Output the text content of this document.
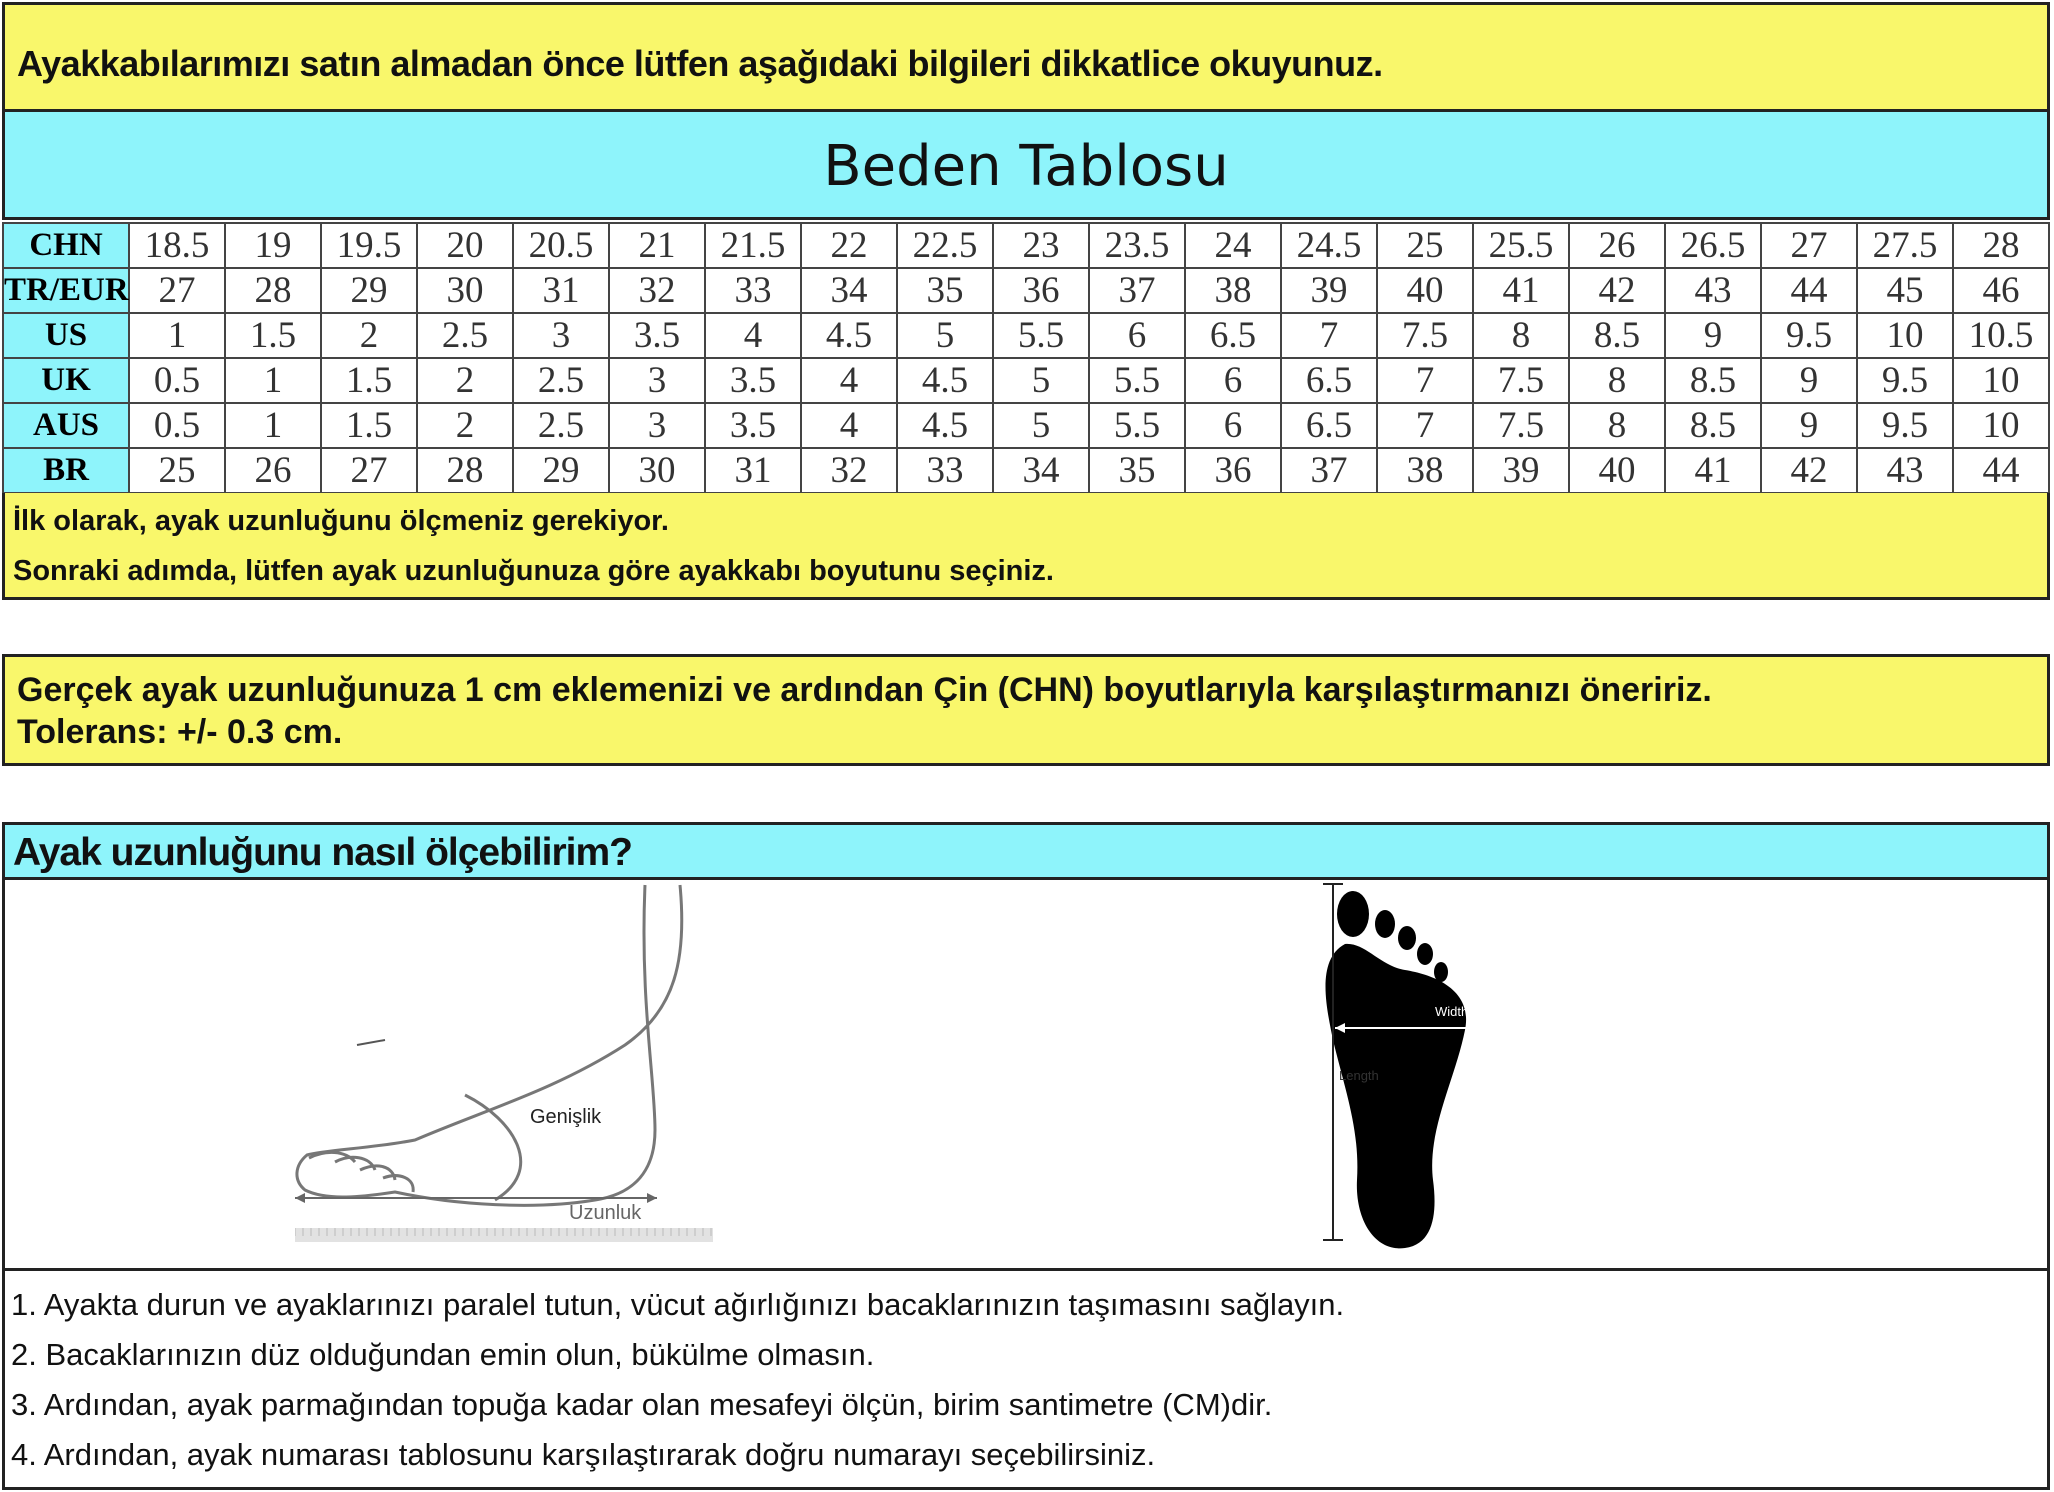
Ayakkabılarımızı satın almadan önce lütfen aşağıdaki bilgileri dikkatlice okuyunuz.
Beden Tablosu
CHN	18.5	19	19.5	20	20.5	21	21.5	22	22.5	23	23.5	24	24.5	25	25.5	26	26.5	27	27.5	28
TR/EUR	27	28	29	30	31	32	33	34	35	36	37	38	39	40	41	42	43	44	45	46
US	1	1.5	2	2.5	3	3.5	4	4.5	5	5.5	6	6.5	7	7.5	8	8.5	9	9.5	10	10.5
UK	0.5	1	1.5	2	2.5	3	3.5	4	4.5	5	5.5	6	6.5	7	7.5	8	8.5	9	9.5	10
AUS	0.5	1	1.5	2	2.5	3	3.5	4	4.5	5	5.5	6	6.5	7	7.5	8	8.5	9	9.5	10
BR	25	26	27	28	29	30	31	32	33	34	35	36	37	38	39	40	41	42	43	44
İlk olarak, ayak uzunluğunu ölçmeniz gerekiyor.
Sonraki adımda, lütfen ayak uzunluğunuza göre ayakkabı boyutunu seçiniz.
Gerçek ayak uzunluğunuza 1 cm eklemenizi ve ardından Çin (CHN) boyutlarıyla karşılaştırmanızı öneririz.
Tolerans: +/- 0.3 cm.
Ayak uzunluğunu nasıl ölçebilirim?
Genişlik
Uzunluk
Width
Length
1. Ayakta durun ve ayaklarınızı paralel tutun, vücut ağırlığınızı bacaklarınızın taşımasını sağlayın.
2. Bacaklarınızın düz olduğundan emin olun, bükülme olmasın.
3. Ardından, ayak parmağından topuğa kadar olan mesafeyi ölçün, birim santimetre (CM)dir.
4. Ardından, ayak numarası tablosunu karşılaştırarak doğru numarayı seçebilirsiniz.
